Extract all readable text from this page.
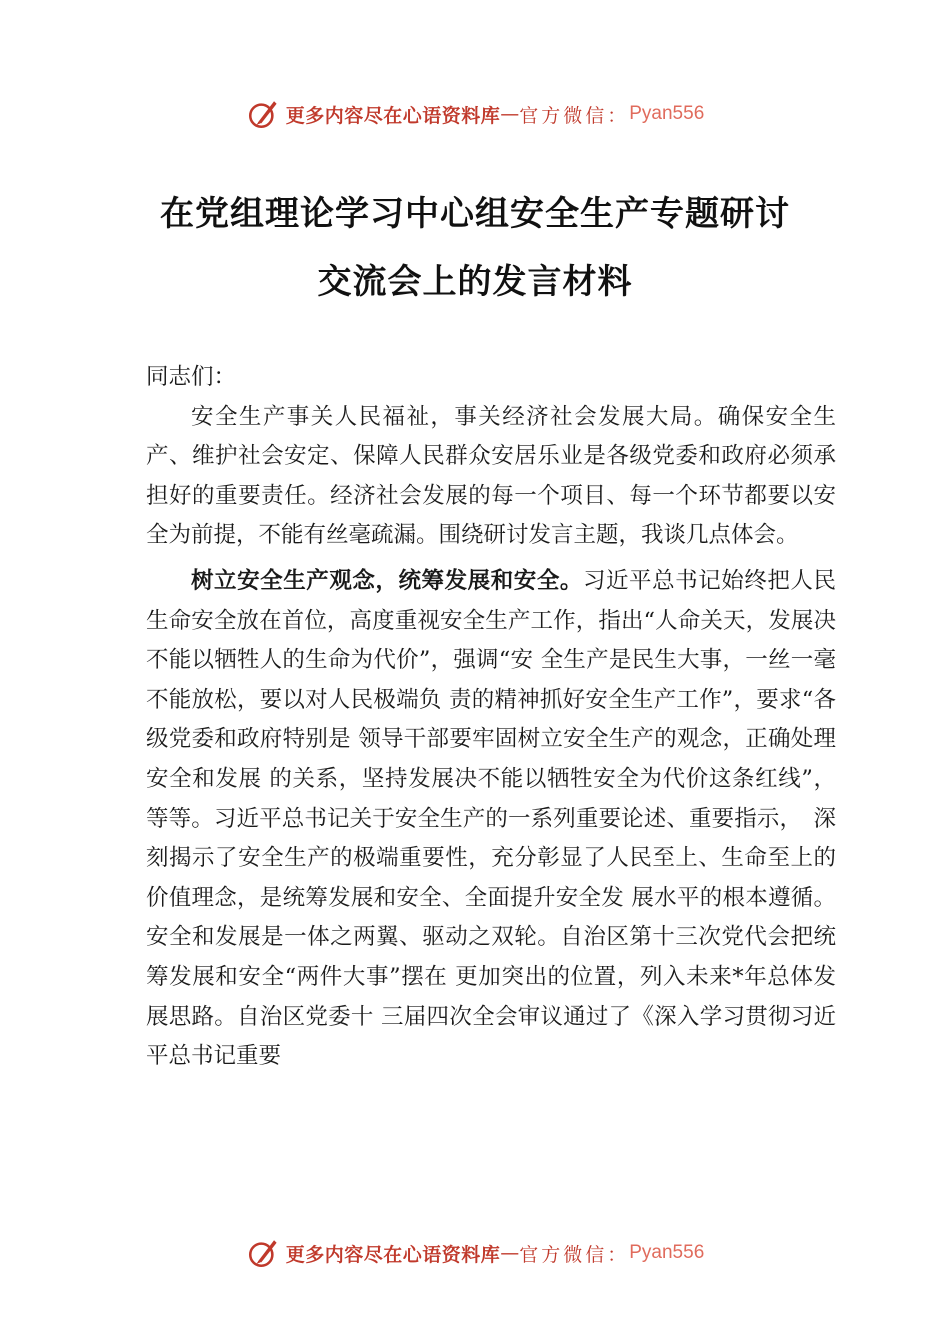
更多内容尽在心语资料库 — 官方微信： Pyan556
在党组理论学习中心组安全生产专题研讨
交流会上的发言材料

同志们：

安全生产事关人民福祉，事关经济社会发展大局。确保安全生产、维护社会安定、保障人民群众安居乐业是各级党委和政府必须承担好的重要责任。经济社会发展的每一个项目、每一个环节都要以安全为前提，不能有丝毫疏漏。围绕研讨发言主题，我谈几点体会。

树立安全生产观念，统筹发展和安全。习近平总书记始终把人民生命安全放在首位，高度重视安全生产工作，指出“人命关天，发展决不能以牺牲人的生命为代价”，强调“安 全生产是民生大事，一丝一毫不能放松，要以对人民极端负 责的精神抓好安全生产工作”，要求“各级党委和政府特别是 领导干部要牢固树立安全生产的观念，正确处理安全和发展 的关系，坚持发展决不能以牺牲安全为代价这条红线”，等等。习近平总书记关于安全生产的一系列重要论述、重要指示，　深刻揭示了安全生产的极端重要性，充分彰显了人民至上、生命至上的价值理念，是统筹发展和安全、全面提升安全发 展水平的根本遵循。安全和发展是一体之两翼、驱动之双轮。自治区第十三次党代会把统筹发展和安全“两件大事”摆在 更加突出的位置，列入未来*年总体发展思路。自治区党委十 三届四次全会审议通过了《深入学习贯彻习近平总书记重要

更多内容尽在心语资料库 — 官方微信： Pyan556
